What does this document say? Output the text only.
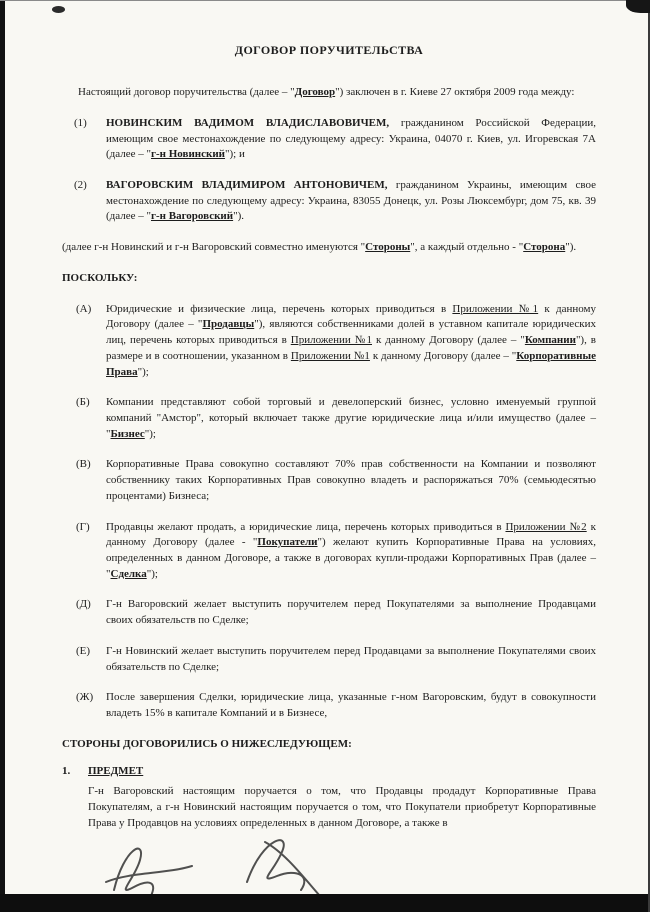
ДОГОВОР ПОРУЧИТЕЛЬСТВА

Настоящий договор поручительства (далее – "Договор") заключен в г. Киеве 27 октября 2009 года между:

(1)	НОВИНСКИМ ВАДИМОМ ВЛАДИСЛАВОВИЧЕМ, гражданином Российской Федерации, имеющим свое местонахождение по следующему адресу: Украина, 04070 г. Киев, ул. Игоревская 7А (далее – "г-н Новинский"); и
(2)	ВАГОРОВСКИМ ВЛАДИМИРОМ АНТОНОВИЧЕМ, гражданином Украины, имеющим свое местонахождение по следующему адресу: Украина, 83055 Донецк, ул. Розы Люксембург, дом 75, кв. 39 (далее – "г-н Вагоровский").

(далее г-н Новинский и г-н Вагоровский совместно именуются "Стороны", а каждый отдельно - "Сторона").

ПОСКОЛЬКУ:

(А)	Юридические и физические лица, перечень которых приводиться в Приложении №1 к данному Договору (далее – "Продавцы"), являются собственниками долей в уставном капитале юридических лиц, перечень которых приводиться в Приложении №1 к данному Договору (далее – "Компании"), в размере и в соотношении, указанном в Приложении №1 к данному Договору (далее – "Корпоративные Права");
(Б)	Компании представляют собой торговый и девелоперский бизнес, условно именуемый группой компаний "Амстор", который включает также другие юридические лица и/или имущество (далее – "Бизнес");
(В)	Корпоративные Права совокупно составляют 70% прав собственности на Компании и позволяют собственнику таких Корпоративных Прав совокупно владеть и распоряжаться 70% (семьюдесятью процентами) Бизнеса;
(Г)	Продавцы желают продать, а юридические лица, перечень которых приводиться в Приложении №2 к данному Договору (далее - "Покупатели") желают купить Корпоративные Права на условиях, определенных в данном Договоре, а также в договорах купли-продажи Корпоративных Прав (далее – "Сделка");
(Д)	Г-н Вагоровский желает выступить поручителем перед Покупателями за выполнение Продавцами своих обязательств по Сделке;
(Е)	Г-н Новинский желает выступить поручителем перед Продавцами за выполнение Покупателями своих обязательств по Сделке;
(Ж)	После завершения Сделки, юридические лица, указанные г-ном Вагоровским, будут в совокупности владеть 15% в капитале Компаний и в Бизнесе,

СТОРОНЫ ДОГОВОРИЛИСЬ О НИЖЕСЛЕДУЮЩЕМ:

1.	ПРЕДМЕТ

Г-н Вагоровский настоящим поручается о том, что Продавцы продадут Корпоративные Права Покупателям, а г-н Новинский настоящим поручается о том, что Покупатели приобретут Корпоративные Права у Продавцов на условиях определенных в данном Договоре, а также в
